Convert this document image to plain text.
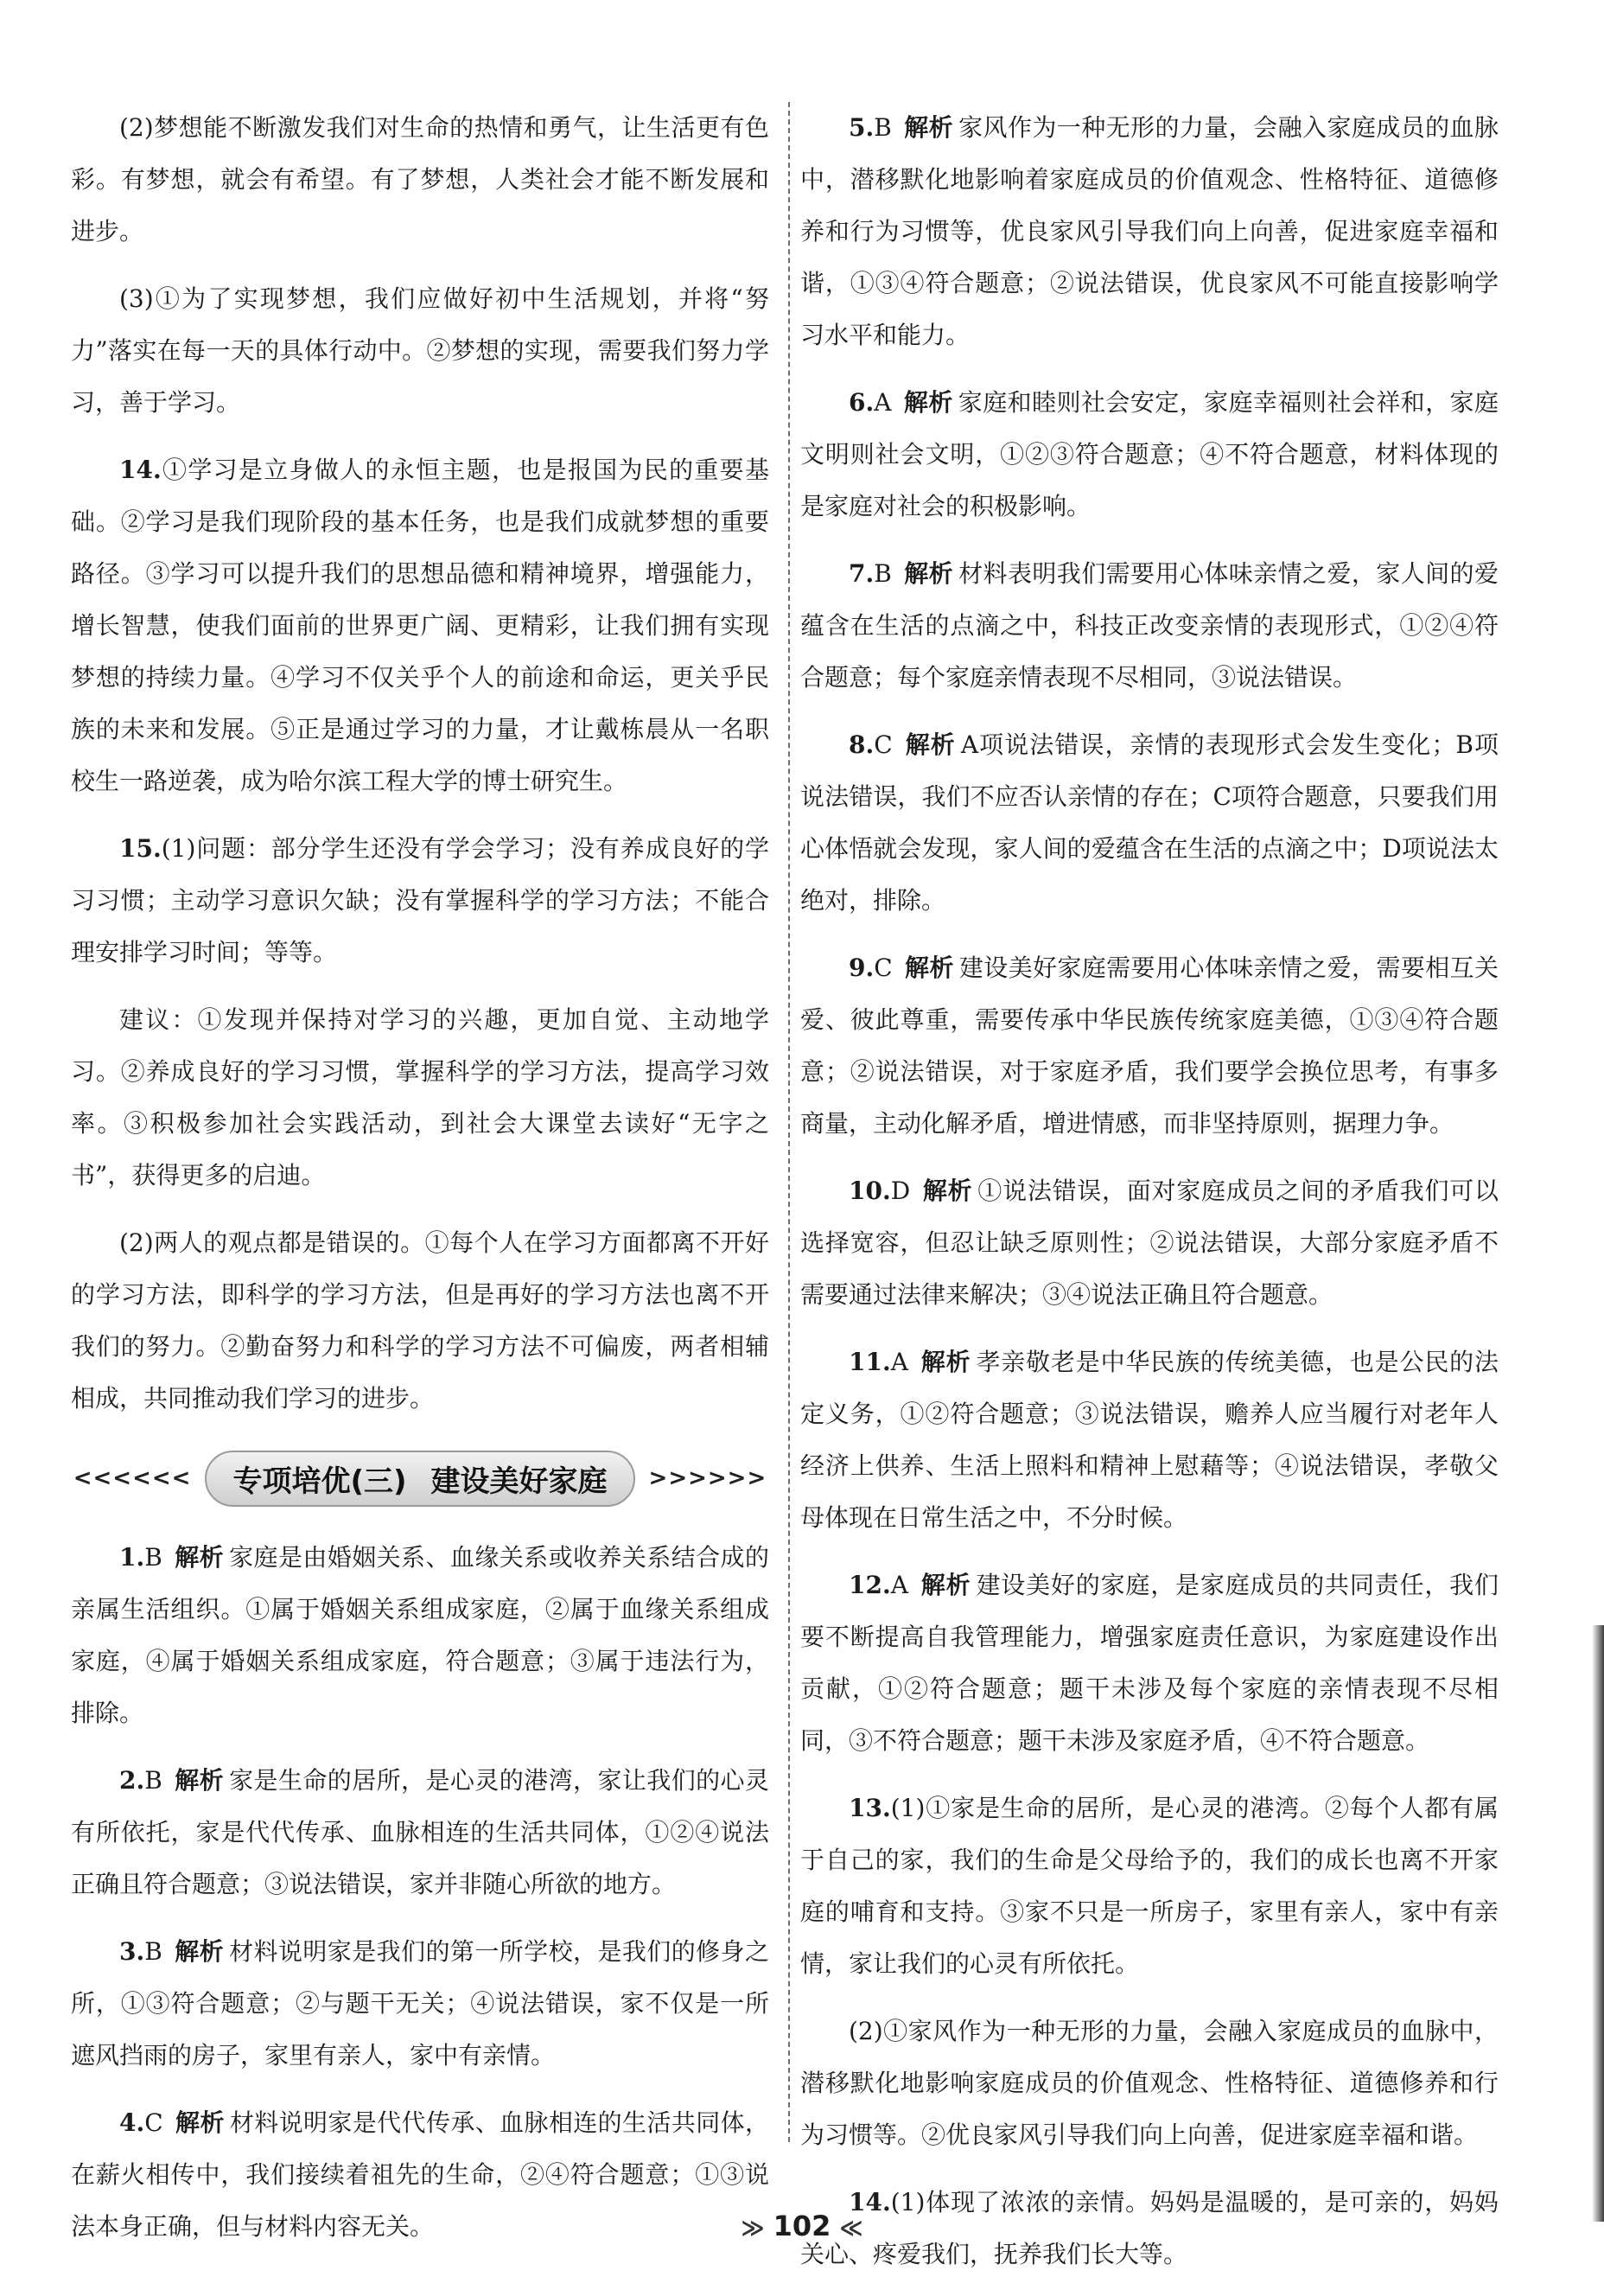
(2)梦想能不断激发我们对生命的热情和勇气，让生活更有色彩。有梦想，就会有希望。有了梦想，人类社会才能不断发展和进步。

(3)①为了实现梦想，我们应做好初中生活规划，并将“努力”落实在每一天的具体行动中。②梦想的实现，需要我们努力学习，善于学习。

14.①学习是立身做人的永恒主题，也是报国为民的重要基础。②学习是我们现阶段的基本任务，也是我们成就梦想的重要路径。③学习可以提升我们的思想品德和精神境界，增强能力，增长智慧，使我们面前的世界更广阔、更精彩，让我们拥有实现梦想的持续力量。④学习不仅关乎个人的前途和命运，更关乎民族的未来和发展。⑤正是通过学习的力量，才让戴栋晨从一名职校生一路逆袭，成为哈尔滨工程大学的博士研究生。

15.(1)问题：部分学生还没有学会学习；没有养成良好的学习习惯；主动学习意识欠缺；没有掌握科学的学习方法；不能合理安排学习时间；等等。

建议：①发现并保持对学习的兴趣，更加自觉、主动地学习。②养成良好的学习习惯，掌握科学的学习方法，提高学习效率。③积极参加社会实践活动，到社会大课堂去读好“无字之书”，获得更多的启迪。

(2)两人的观点都是错误的。①每个人在学习方面都离不开好的学习方法，即科学的学习方法，但是再好的学习方法也离不开我们的努力。②勤奋努力和科学的学习方法不可偏废，两者相辅相成，共同推动我们学习的进步。

<<<<<<	专项培优(三) 建设美好家庭	>>>>>>

1.B 解析 家庭是由婚姻关系、血缘关系或收养关系结合成的亲属生活组织。①属于婚姻关系组成家庭，②属于血缘关系组成家庭，④属于婚姻关系组成家庭，符合题意；③属于违法行为，排除。

2.B 解析 家是生命的居所，是心灵的港湾，家让我们的心灵有所依托，家是代代传承、血脉相连的生活共同体，①②④说法正确且符合题意；③说法错误，家并非随心所欲的地方。

3.B 解析 材料说明家是我们的第一所学校，是我们的修身之所，①③符合题意；②与题干无关；④说法错误，家不仅是一所遮风挡雨的房子，家里有亲人，家中有亲情。

4.C 解析 材料说明家是代代传承、血脉相连的生活共同体，在薪火相传中，我们接续着祖先的生命，②④符合题意；①③说法本身正确，但与材料内容无关。

5.B 解析 家风作为一种无形的力量，会融入家庭成员的血脉中，潜移默化地影响着家庭成员的价值观念、性格特征、道德修养和行为习惯等，优良家风引导我们向上向善，促进家庭幸福和谐，①③④符合题意；②说法错误，优良家风不可能直接影响学习水平和能力。

6.A 解析 家庭和睦则社会安定，家庭幸福则社会祥和，家庭文明则社会文明，①②③符合题意；④不符合题意，材料体现的是家庭对社会的积极影响。

7.B 解析 材料表明我们需要用心体味亲情之爱，家人间的爱蕴含在生活的点滴之中，科技正改变亲情的表现形式，①②④符合题意；每个家庭亲情表现不尽相同，③说法错误。

8.C 解析 A项说法错误，亲情的表现形式会发生变化；B项说法错误，我们不应否认亲情的存在；C项符合题意，只要我们用心体悟就会发现，家人间的爱蕴含在生活的点滴之中；D项说法太绝对，排除。

9.C 解析 建设美好家庭需要用心体味亲情之爱，需要相互关爱、彼此尊重，需要传承中华民族传统家庭美德，①③④符合题意；②说法错误，对于家庭矛盾，我们要学会换位思考，有事多商量，主动化解矛盾，增进情感，而非坚持原则，据理力争。

10.D 解析 ①说法错误，面对家庭成员之间的矛盾我们可以选择宽容，但忍让缺乏原则性；②说法错误，大部分家庭矛盾不需要通过法律来解决；③④说法正确且符合题意。

11.A 解析 孝亲敬老是中华民族的传统美德，也是公民的法定义务，①②符合题意；③说法错误，赡养人应当履行对老年人经济上供养、生活上照料和精神上慰藉等；④说法错误，孝敬父母体现在日常生活之中，不分时候。

12.A 解析 建设美好的家庭，是家庭成员的共同责任，我们要不断提高自我管理能力，增强家庭责任意识，为家庭建设作出贡献，①②符合题意；题干未涉及每个家庭的亲情表现不尽相同，③不符合题意；题干未涉及家庭矛盾，④不符合题意。

13.(1)①家是生命的居所，是心灵的港湾。②每个人都有属于自己的家，我们的生命是父母给予的，我们的成长也离不开家庭的哺育和支持。③家不只是一所房子，家里有亲人，家中有亲情，家让我们的心灵有所依托。

(2)①家风作为一种无形的力量，会融入家庭成员的血脉中，潜移默化地影响家庭成员的价值观念、性格特征、道德修养和行为习惯等。②优良家风引导我们向上向善，促进家庭幸福和谐。

14.(1)体现了浓浓的亲情。妈妈是温暖的，是可亲的，妈妈关心、疼爱我们，抚养我们长大等。

≫ 102 ≪
